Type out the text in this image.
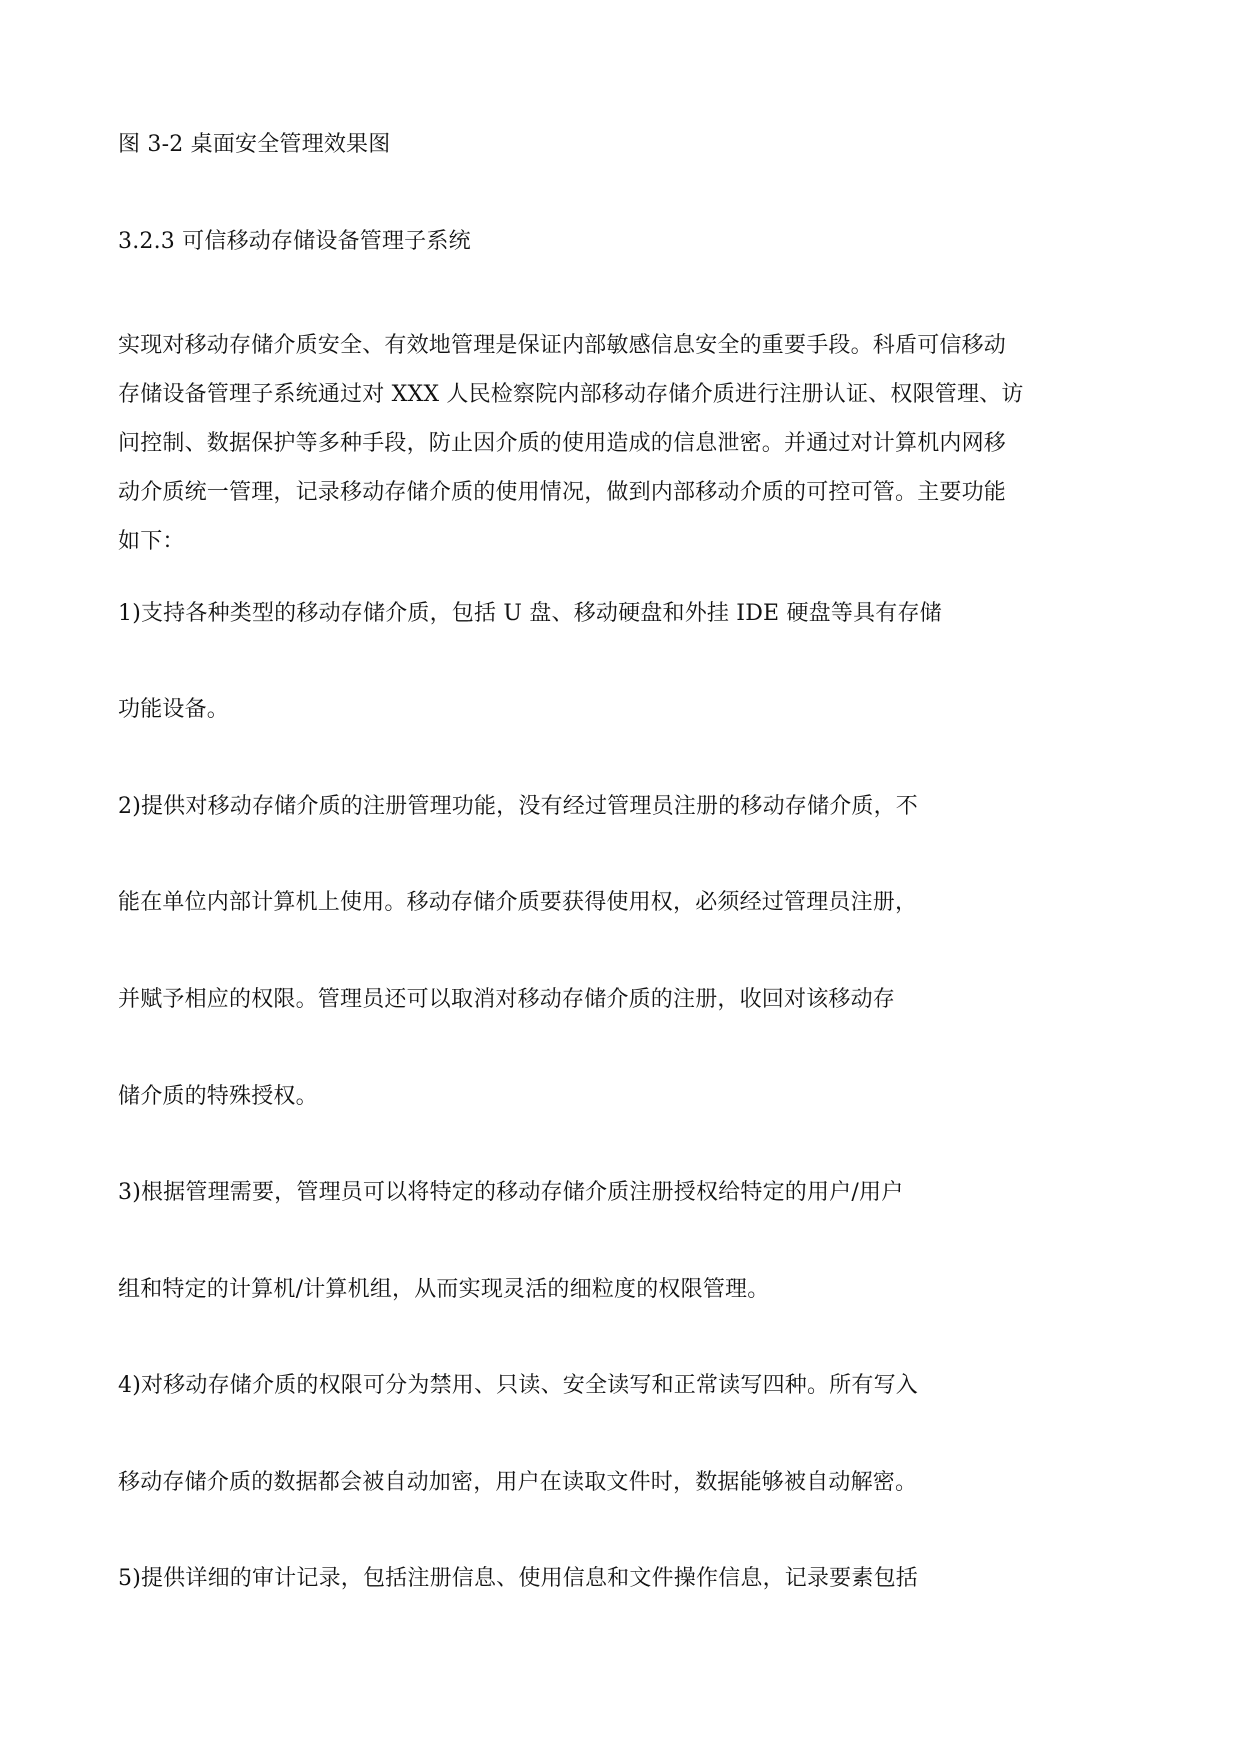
图 3-2 桌面安全管理效果图
3.2.3 可信移动存储设备管理子系统
实现对移动存储介质安全、有效地管理是保证内部敏感信息安全的重要手段。科盾可信移动
存储设备管理子系统通过对 XXX 人民检察院内部移动存储介质进行注册认证、权限管理、访
问控制、数据保护等多种手段，防止因介质的使用造成的信息泄密。并通过对计算机内网移
动介质统一管理，记录移动存储介质的使用情况，做到内部移动介质的可控可管。主要功能
如下：
1)支持各种类型的移动存储介质，包括 U 盘、移动硬盘和外挂 IDE 硬盘等具有存储
功能设备。
2)提供对移动存储介质的注册管理功能，没有经过管理员注册的移动存储介质，不
能在单位内部计算机上使用。移动存储介质要获得使用权，必须经过管理员注册，
并赋予相应的权限。管理员还可以取消对移动存储介质的注册，收回对该移动存
储介质的特殊授权。
3)根据管理需要，管理员可以将特定的移动存储介质注册授权给特定的用户/用户
组和特定的计算机/计算机组，从而实现灵活的细粒度的权限管理。
4)对移动存储介质的权限可分为禁用、只读、安全读写和正常读写四种。所有写入
移动存储介质的数据都会被自动加密，用户在读取文件时，数据能够被自动解密。
5)提供详细的审计记录，包括注册信息、使用信息和文件操作信息，记录要素包括
